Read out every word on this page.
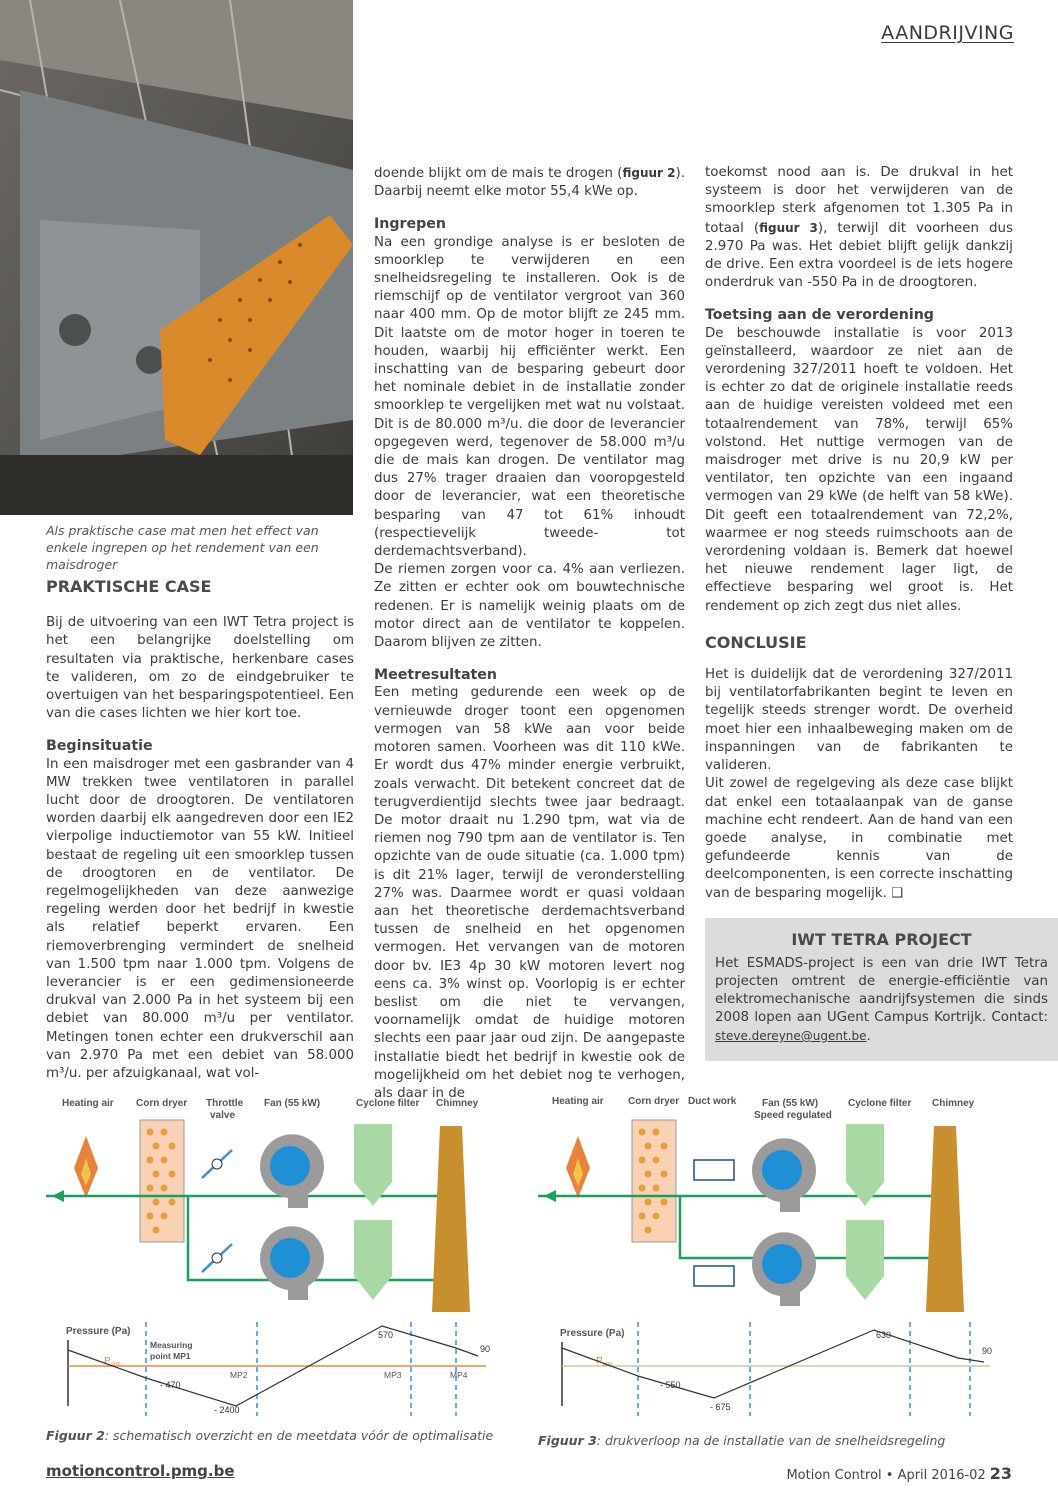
AANDRIJVING
Als praktische case mat men het effect van enkele ingrepen op het rendement van een maisdroger

PRAKTISCHE CASE

Bij de uitvoering van een IWT Tetra project is het een belangrijke doelstelling om resultaten via praktische, herkenbare cases te valideren, om zo de eindgebruiker te overtuigen van het besparingspotentieel. Een van die cases lichten we hier kort toe.

Beginsituatie

In een maisdroger met een gasbrander van 4 MW trekken twee ventilatoren in parallel lucht door de droogtoren. De ventilatoren worden daarbij elk aangedreven door een IE2 vierpolige inductiemotor van 55 kW. Initieel bestaat de regeling uit een smoorklep tussen de droogtoren en de ventilator. De regelmogelijkheden van deze aanwezige regeling werden door het bedrijf in kwestie als relatief beperkt ervaren. Een riemoverbrenging vermindert de snelheid van 1.500 tpm naar 1.000 tpm. Volgens de leverancier is er een gedimensioneerde drukval van 2.000 Pa in het systeem bij een debiet van 80.000 m³/u per ventilator. Metingen tonen echter een drukverschil aan van 2.970 Pa met een debiet van 58.000 m³/u. per afzuigkanaal, wat vol-

doende blijkt om de mais te drogen (figuur 2). Daarbij neemt elke motor 55,4 kWe op.

Ingrepen

Na een grondige analyse is er besloten de smoorklep te verwijderen en een snelheidsregeling te installeren. Ook is de riemschijf op de ventilator vergroot van 360 naar 400 mm. Op de motor blijft ze 245 mm. Dit laatste om de motor hoger in toeren te houden, waarbij hij efficiënter werkt. Een inschatting van de besparing gebeurt door het nominale debiet in de installatie zonder smoorklep te vergelijken met wat nu volstaat. Dit is de 80.000 m³/u. die door de leverancier opgegeven werd, tegenover de 58.000 m³/u die de mais kan drogen. De ventilator mag dus 27% trager draaien dan vooropgesteld door de leverancier, wat een theoretische besparing van 47 tot 61% inhoudt (respectievelijk tweede- tot derdemachtsverband).

De riemen zorgen voor ca. 4% aan verliezen. Ze zitten er echter ook om bouwtechnische redenen. Er is namelijk weinig plaats om de motor direct aan de ventilator te koppelen. Daarom blijven ze zitten.

Meetresultaten

Een meting gedurende een week op de vernieuwde droger toont een opgenomen vermogen van 58 kWe aan voor beide motoren samen. Voorheen was dit 110 kWe. Er wordt dus 47% minder energie verbruikt, zoals verwacht. Dit betekent concreet dat de terugverdientijd slechts twee jaar bedraagt. De motor draait nu 1.290 tpm, wat via de riemen nog 790 tpm aan de ventilator is. Ten opzichte van de oude situatie (ca. 1.000 tpm) is dit 21% lager, terwijl de veronderstelling 27% was. Daarmee wordt er quasi voldaan aan het theoretische derdemachtsverband tussen de snelheid en het opgenomen vermogen. Het vervangen van de motoren door bv. IE3 4p 30 kW motoren levert nog eens ca. 3% winst op. Voorlopig is er echter beslist om die niet te vervangen, voornamelijk omdat de huidige motoren slechts een paar jaar oud zijn. De aangepaste installatie biedt het bedrijf in kwestie ook de mogelijkheid om het debiet nog te verhogen, als daar in de

toekomst nood aan is. De drukval in het systeem is door het verwijderen van de smoorklep sterk afgenomen tot 1.305 Pa in totaal (figuur 3), terwijl dit voorheen dus 2.970 Pa was. Het debiet blijft gelijk dankzij de drive. Een extra voordeel is de iets hogere onderdruk van -550 Pa in de droogtoren.

Toetsing aan de verordening

De beschouwde installatie is voor 2013 geïnstalleerd, waardoor ze niet aan de verordening 327/2011 hoeft te voldoen. Het is echter zo dat de originele installatie reeds aan de huidige vereisten voldeed met een totaalrendement van 78%, terwijl 65% volstond. Het nuttige vermogen van de maisdroger met drive is nu 20,9 kW per ventilator, ten opzichte van een ingaand vermogen van 29 kWe (de helft van 58 kWe). Dit geeft een totaalrendement van 72,2%, waarmee er nog steeds ruimschoots aan de verordening voldaan is. Bemerk dat hoewel het nieuwe rendement lager ligt, de effectieve besparing wel groot is. Het rendement op zich zegt dus niet alles.

CONCLUSIE

Het is duidelijk dat de verordening 327/2011 bij ventilatorfabrikanten begint te leven en tegelijk steeds strenger wordt. De overheid moet hier een inhaalbeweging maken om de inspanningen van de fabrikanten te valideren.

Uit zowel de regelgeving als deze case blijkt dat enkel een totaalaanpak van de ganse machine echt rendeert. Aan de hand van een goede analyse, in combinatie met gefundeerde kennis van de deelcomponenten, is een correcte inschatting van de besparing mogelijk. ❑

IWT TETRA PROJECT
Het ESMADS-project is een van drie IWT Tetra projecten omtrent de energie-efficiëntie van elektromechanische aandrijfsystemen die sinds 2008 lopen aan UGent Campus Kortrijk. Contact: steve.dereyne@ugent.be.
Heating air Corn dryer Throttle
valve
Fan (55 kW)	Cyclone filter Chimney
Pressure (Pa)
$P_{atm}$
Measuring
point MP1
MP2	MP3	MP4
- 470
- 2400
570
90
Figuur 2: schematisch overzicht en de meetdata vóór de optimalisatie
Heating air Corn dryer Duct work	Fan (55 kW)
Speed regulated
Cyclone filter Chimney
Pressure (Pa)
$P_{atm}$
- 550
- 675
630
90
Figuur 3: drukverloop na de installatie van de snelheidsregeling
motioncontrol.pmg.be	Motion Control • April 2016-02 23
